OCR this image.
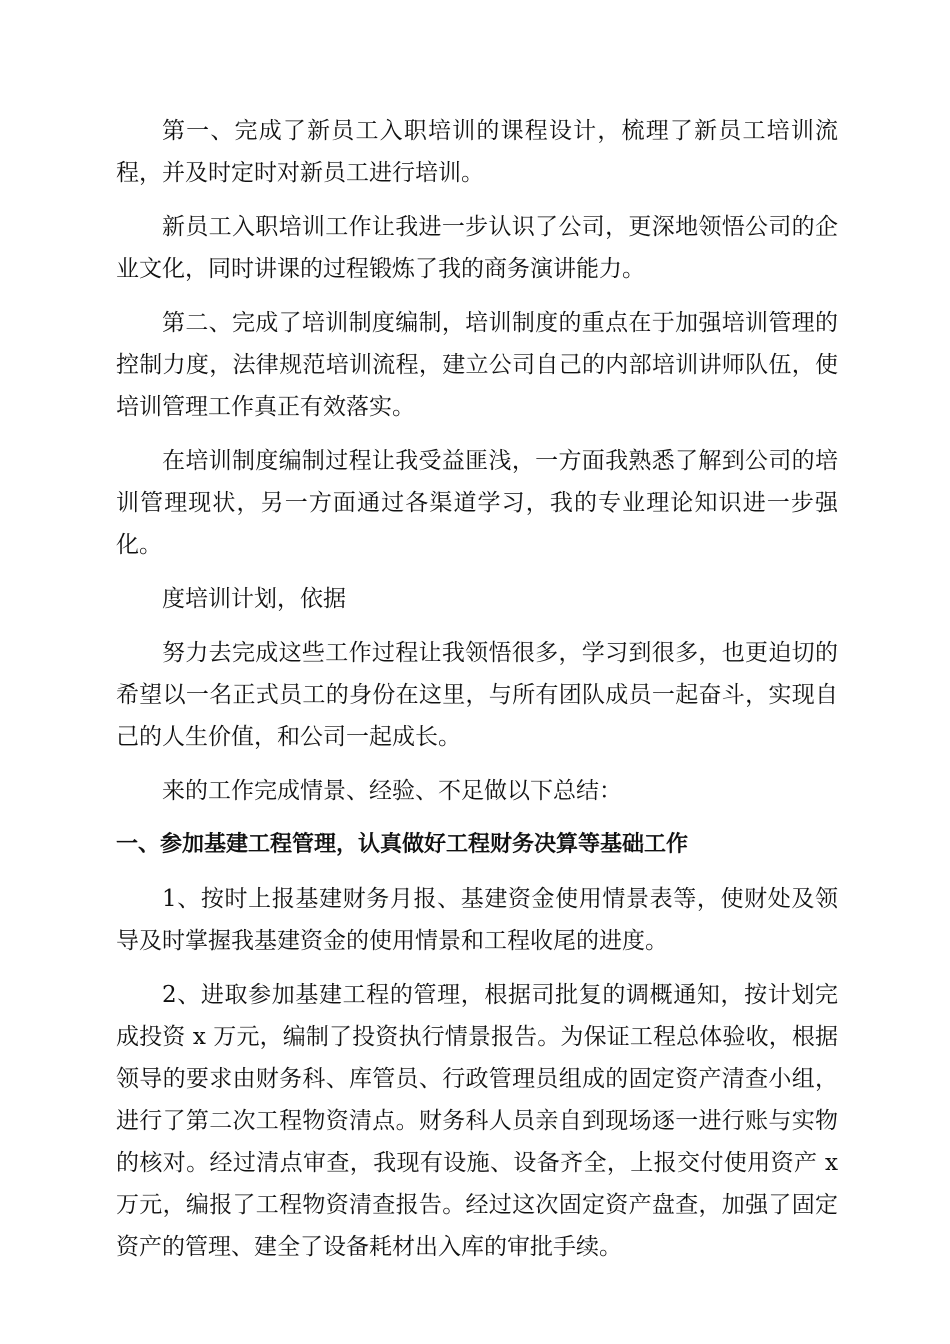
第一、完成了新员工入职培训的课程设计，梳理了新员工培训流程，并及时定时对新员工进行培训。

新员工入职培训工作让我进一步认识了公司，更深地领悟公司的企业文化，同时讲课的过程锻炼了我的商务演讲能力。

第二、完成了培训制度编制，培训制度的重点在于加强培训管理的控制力度，法律规范培训流程，建立公司自己的内部培训讲师队伍，使培训管理工作真正有效落实。

在培训制度编制过程让我受益匪浅，一方面我熟悉了解到公司的培训管理现状，另一方面通过各渠道学习，我的专业理论知识进一步强化。

度培训计划，依据

努力去完成这些工作过程让我领悟很多，学习到很多，也更迫切的希望以一名正式员工的身份在这里，与所有团队成员一起奋斗，实现自己的人生价值，和公司一起成长。

来的工作完成情景、经验、不足做以下总结：

一、参加基建工程管理，认真做好工程财务决算等基础工作

1、按时上报基建财务月报、基建资金使用情景表等，使财处及领导及时掌握我基建资金的使用情景和工程收尾的进度。

2、进取参加基建工程的管理，根据司批复的调概通知，按计划完成投资 x 万元，编制了投资执行情景报告。为保证工程总体验收，根据领导的要求由财务科、库管员、行政管理员组成的固定资产清查小组，进行了第二次工程物资清点。财务科人员亲自到现场逐一进行账与实物的核对。经过清点审查，我现有设施、设备齐全，上报交付使用资产 x 万元，编报了工程物资清查报告。经过这次固定资产盘查，加强了固定资产的管理、建全了设备耗材出入库的审批手续。
